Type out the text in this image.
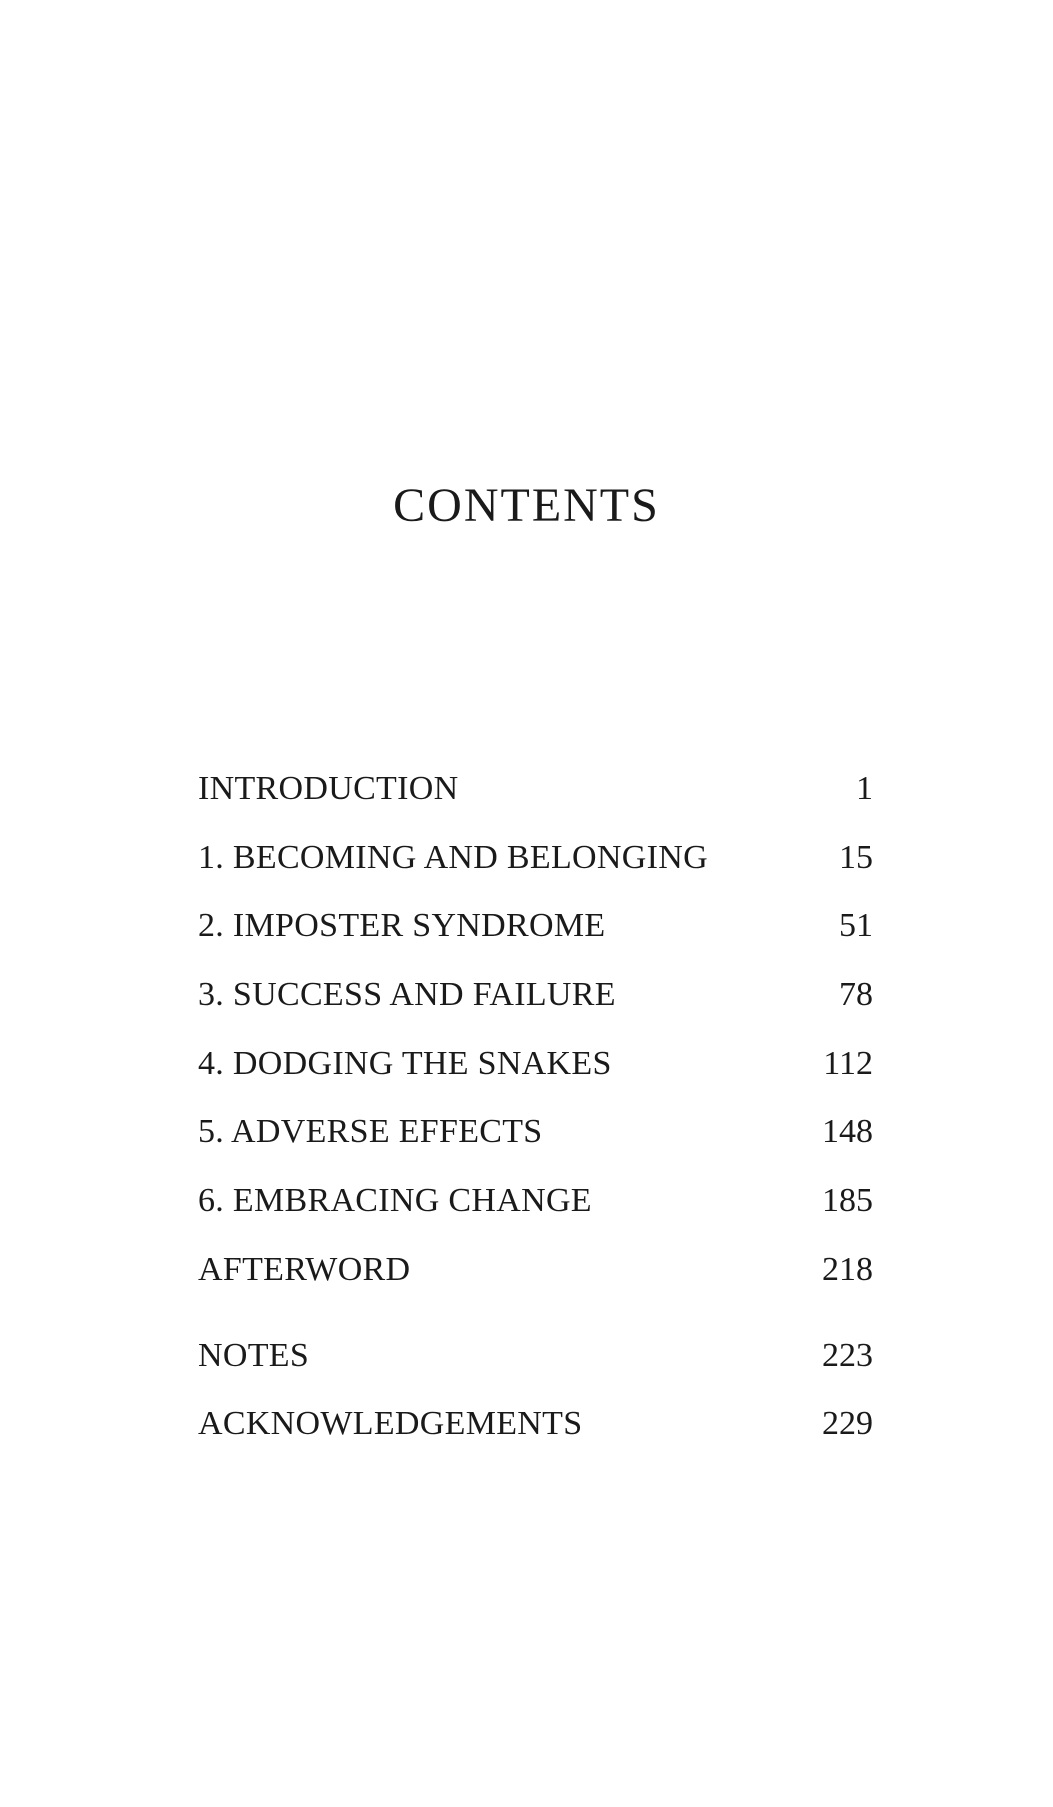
CONTENTS
INTRODUCTION	1
1. BECOMING AND BELONGING	15
2. IMPOSTER SYNDROME	51
3. SUCCESS AND FAILURE	78
4. DODGING THE SNAKES	112
5. ADVERSE EFFECTS	148
6. EMBRACING CHANGE	185
AFTERWORD	218
NOTES	223
ACKNOWLEDGEMENTS	229
